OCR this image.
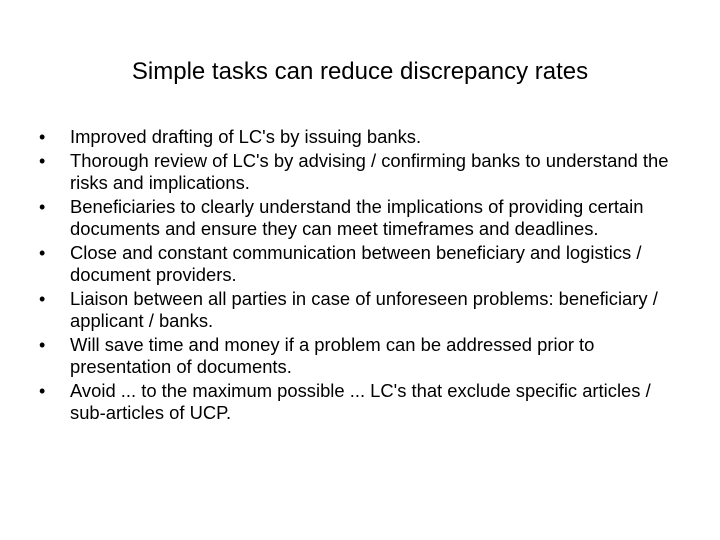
Simple tasks can reduce discrepancy rates
•	Improved drafting of LC's by issuing banks.
•	Thorough review of LC's by advising / confirming banks to understand the risks and implications.
•	Beneficiaries to clearly understand the implications of providing certain documents and ensure they can meet timeframes and deadlines.
•	Close and constant communication between beneficiary and logistics / document providers.
•	Liaison between all parties in case of unforeseen problems: beneficiary / applicant / banks.
•	Will save time and money if a problem can be addressed prior to presentation of documents.
•	Avoid ... to the maximum possible ... LC's that exclude specific articles / sub-articles of UCP.
